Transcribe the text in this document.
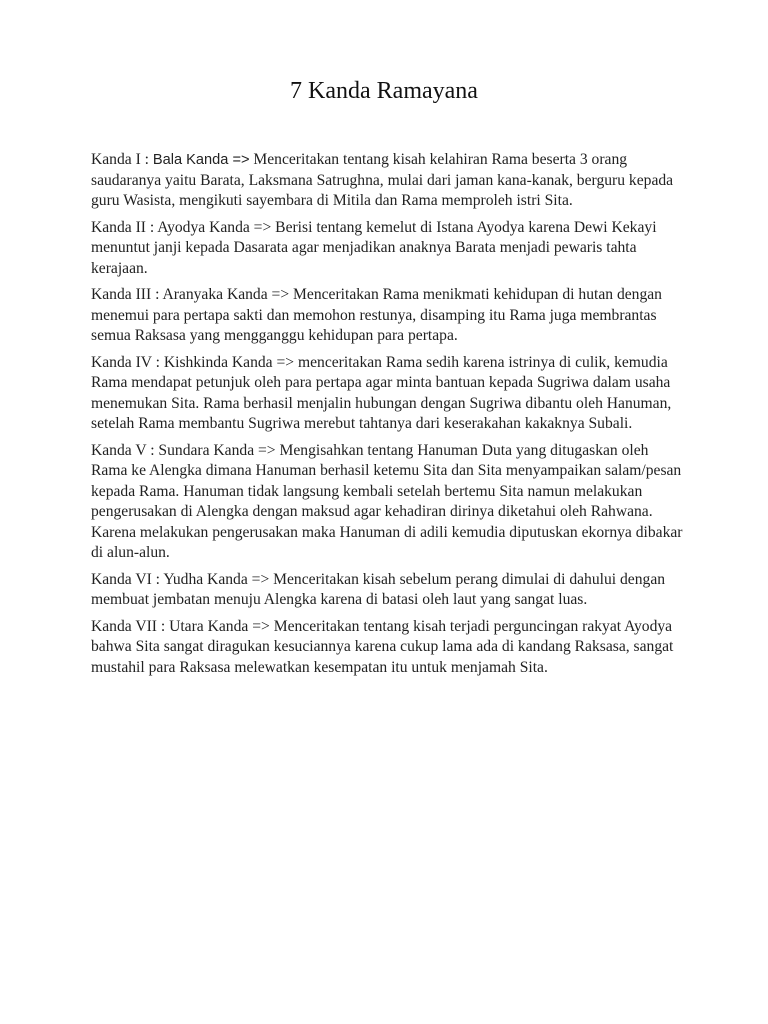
7 Kanda Ramayana

Kanda I : Bala Kanda => Menceritakan tentang kisah kelahiran Rama beserta 3 orang saudaranya yaitu Barata, Laksmana Satrughna, mulai dari jaman kana-kanak, berguru kepada guru Wasista, mengikuti sayembara di Mitila dan Rama memproleh istri Sita.

Kanda II : Ayodya Kanda => Berisi tentang kemelut di Istana Ayodya karena Dewi Kekayi menuntut janji kepada Dasarata agar menjadikan anaknya Barata menjadi pewaris tahta kerajaan.

Kanda III : Aranyaka Kanda => Menceritakan Rama menikmati kehidupan di hutan dengan menemui para pertapa sakti dan memohon restunya, disamping itu Rama juga membrantas semua Raksasa yang mengganggu kehidupan para pertapa.

Kanda IV : Kishkinda Kanda => menceritakan Rama sedih karena istrinya di culik, kemudia Rama mendapat petunjuk oleh para pertapa agar minta bantuan kepada Sugriwa dalam usaha menemukan Sita. Rama berhasil menjalin hubungan dengan Sugriwa dibantu oleh Hanuman, setelah Rama membantu Sugriwa merebut tahtanya dari keserakahan kakaknya Subali.

Kanda V : Sundara Kanda => Mengisahkan tentang Hanuman Duta yang ditugaskan oleh Rama ke Alengka dimana Hanuman berhasil ketemu Sita dan Sita menyampaikan salam/pesan kepada Rama. Hanuman tidak langsung kembali setelah bertemu Sita namun melakukan pengerusakan di Alengka dengan maksud agar kehadiran dirinya diketahui oleh Rahwana. Karena melakukan pengerusakan maka Hanuman di adili kemudia diputuskan ekornya dibakar di alun-alun.

Kanda VI : Yudha Kanda => Menceritakan kisah sebelum perang dimulai di dahului dengan membuat jembatan menuju Alengka karena di batasi oleh laut yang sangat luas.

Kanda VII : Utara Kanda => Menceritakan tentang kisah terjadi perguncingan rakyat Ayodya bahwa Sita sangat diragukan kesuciannya karena cukup lama ada di kandang Raksasa, sangat mustahil para Raksasa melewatkan kesempatan itu untuk menjamah Sita.
